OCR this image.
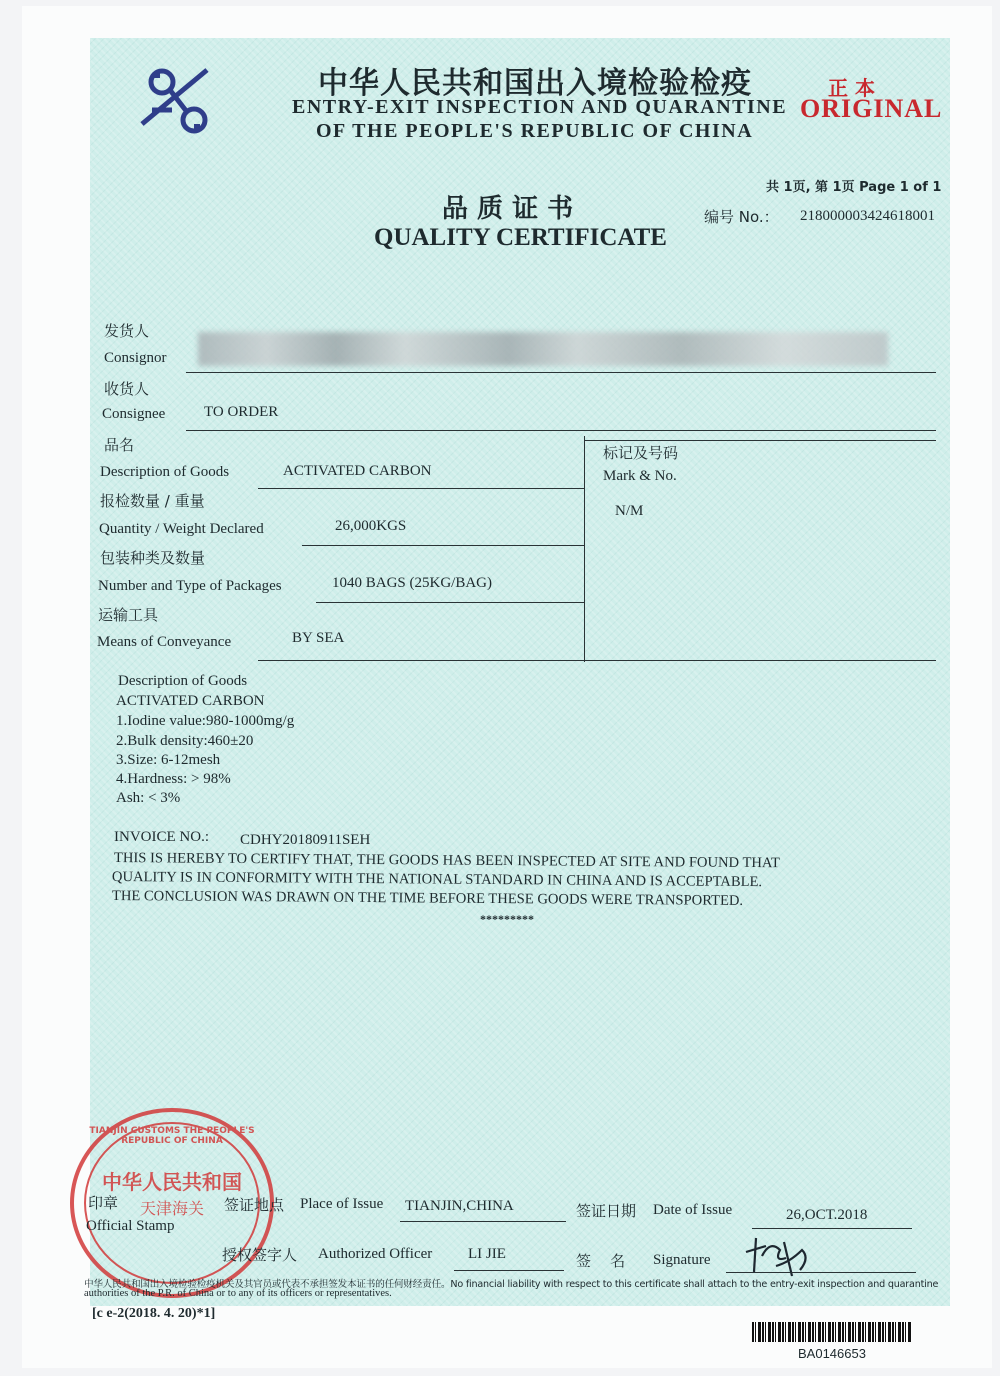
中华人民共和国出入境检验检疫
ENTRY-EXIT INSPECTION AND QUARANTINE
OF THE PEOPLE'S REPUBLIC OF CHINA
正 本
ORIGINAL
共 1页, 第 1页 Page 1 of 1
品 质 证 书
QUALITY CERTIFICATE
编号 No.： 218000003424618001
发货人
Consignor
收货人
Consignee	TO ORDER
品名
Description of Goods	ACTIVATED CARBON
报检数量 / 重量
Quantity / Weight Declared	26,000KGS
包装种类及数量
Number and Type of Packages	1040 BAGS (25KG/BAG)
运输工具
Means of Conveyance	BY SEA
标记及号码
Mark & No.
N/M
Description of Goods
ACTIVATED CARBON
1.Iodine value:980-1000mg/g
2.Bulk density:460±20
3.Size: 6-12mesh
4.Hardness: > 98%
Ash: < 3%
INVOICE NO.: CDHY20180911SEH
THIS IS HEREBY TO CERTIFY THAT, THE GOODS HAS BEEN INSPECTED AT SITE AND FOUND THAT
QUALITY IS IN CONFORMITY WITH THE NATIONAL STANDARD IN CHINA AND IS ACCEPTABLE.
THE CONCLUSION WAS DRAWN ON THE TIME BEFORE THESE GOODS WERE TRANSPORTED.
*********
TIANJIN CUSTOMS THE PEOPLE'S REPUBLIC OF CHINA
中华人民共和国
天津海关
印章
Official Stamp
签证地点 Place of Issue TIANJIN,CHINA	签证日期 Date of Issue	26,OCT.2018
授权签字人 Authorized Officer LI JIE	签    名 Signature
中华人民共和国出入境检验检疫机关及其官员或代表不承担签发本证书的任何财经责任。No financial liability with respect to this certificate shall attach to the entry-exit inspection and quarantine
authorities of the P.R. of China or to any of its officers or representatives.
[c e-2(2018. 4. 20)*1]
BA0146653
